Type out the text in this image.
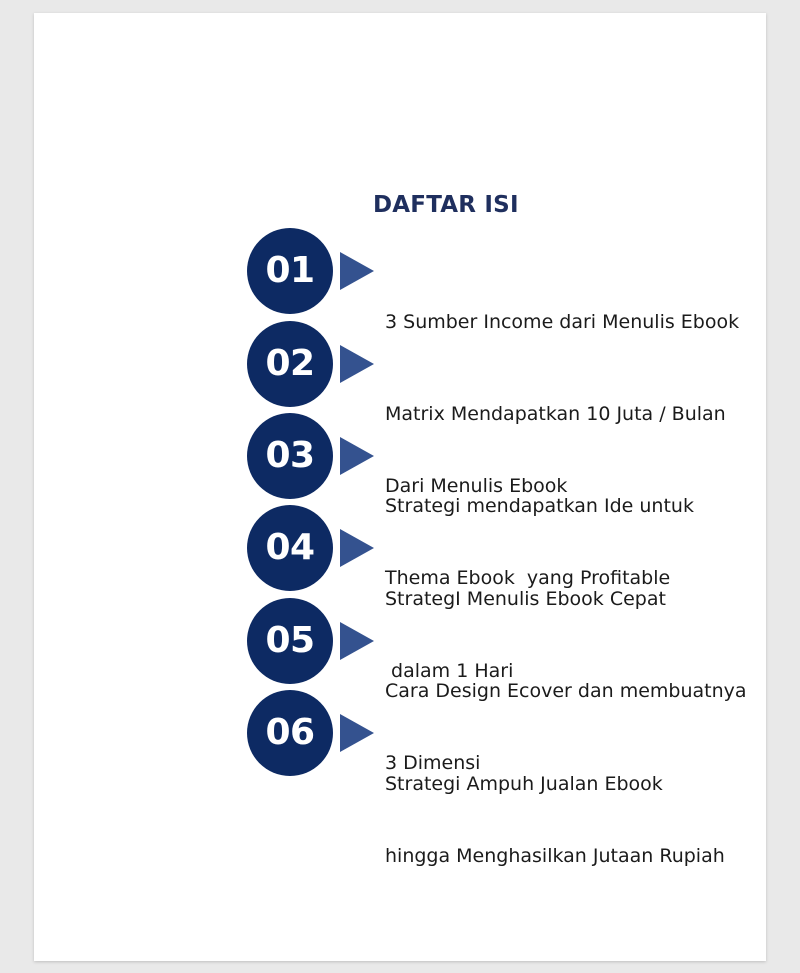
DAFTAR ISI
01

3 Sumber Income dari Menulis Ebook

02

Matrix Mendapatkan 10 Juta / Bulan

Dari Menulis Ebook

03

Strategi mendapatkan Ide untuk

Thema Ebook  yang Profitable

04

StrategI Menulis Ebook Cepat

dalam 1 Hari

05

Cara Design Ecover dan membuatnya

3 Dimensi

06

Strategi Ampuh Jualan Ebook

hingga Menghasilkan Jutaan Rupiah
